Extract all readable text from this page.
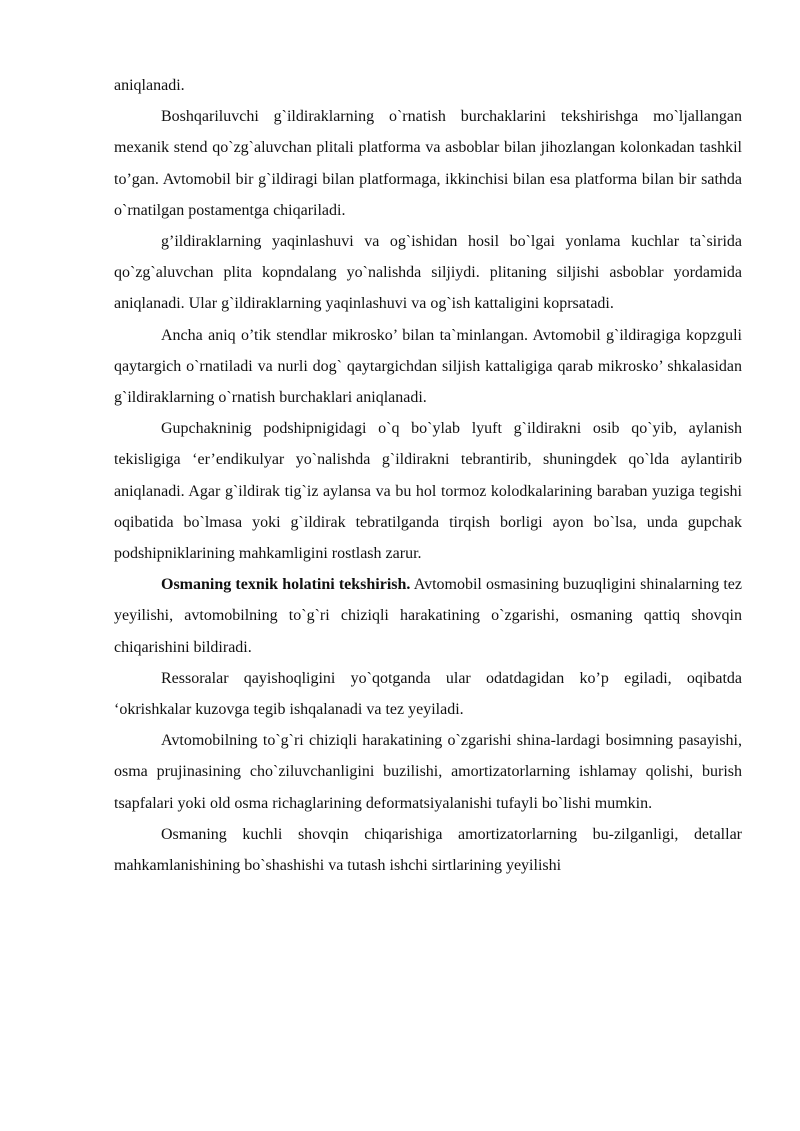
aniqlanadi.

Boshqariluvchi g`ildiraklarning o`rnatish burchaklarini tekshirishga mo`ljallangan mexanik stend qo`zg`aluvchan plitali platforma va asboblar bilan jihozlangan kolonkadan tashkil to’gan. Avtomobil bir g`ildiragi bilan platformaga, ikkinchisi bilan esa platforma bilan bir sathda o`rnatilgan postamentga chiqariladi.

g’ildiraklarning yaqinlashuvi va og`ishidan hosil bo`lgai yonlama kuchlar ta`sirida qo`zg`aluvchan plita kopndalang yo`nalishda siljiydi. plitaning siljishi asboblar yordamida aniqlanadi. Ular g`ildiraklarning yaqinlashuvi va og`ish kattaligini koprsatadi.

Ancha aniq o’tik stendlar mikrosko’ bilan ta`minlangan. Avtomobil g`ildiragiga kopzguli qaytargich o`rnatiladi va nurli dog` qaytargichdan siljish kattaligiga qarab mikrosko’ shkalasidan g`ildiraklarning o`rnatish burchaklari aniqlanadi.

Gupchakninig podshipnigidagi o`q bo`ylab lyuft g`ildirakni osib qo`yib, aylanish tekisligiga ‘er’endikulyar yo`nalishda g`ildirakni tebrantirib, shuningdek qo`lda aylantirib aniqlanadi. Agar g`ildirak tig`iz aylansa va bu hol tormoz kolodkalarining baraban yuziga tegishi oqibatida bo`lmasa yoki g`ildirak tebratilganda tirqish borligi ayon bo`lsa, unda gupchak podshipniklarining mahkamligini rostlash zarur.

Osmaning texnik holatini tekshirish. Avtomobil osmasining buzuqligini shinalarning tez yeyilishi, avtomobilning to`g`ri chiziqli harakatining o`zgarishi, osmaning qattiq shovqin chiqarishini bildiradi.

Ressoralar qayishoqligini yo`qotganda ular odatdagidan ko’p egiladi, oqibatda ‘okrishkalar kuzovga tegib ishqalanadi va tez yeyiladi.

Avtomobilning to`g`ri chiziqli harakatining o`zgarishi shina-lardagi bosimning pasayishi, osma prujinasining cho`ziluvchanligini buzilishi, amortizatorlarning ishlamay qolishi, burish tsapfalari yoki old osma richaglarining deformatsiyalanishi tufayli bo`lishi mumkin.

Osmaning kuchli shovqin chiqarishiga amortizatorlarning bu-zilganligi, detallar mahkamlanishining bo`shashishi va tutash ishchi sirtlarining yeyilishi
